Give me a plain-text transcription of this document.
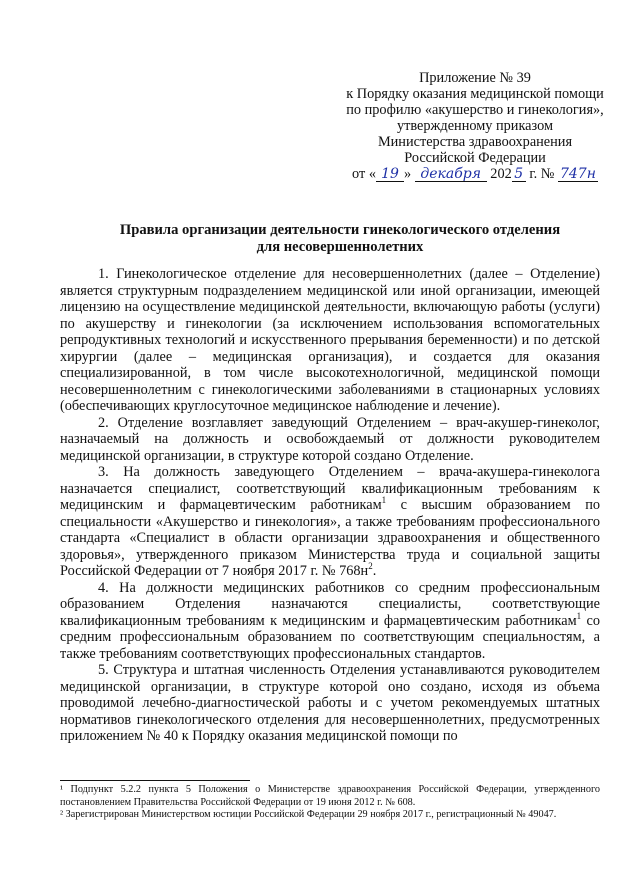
Приложение № 39
к Порядку оказания медицинской помощи
по профилю «акушерство и гинекология»,
утвержденному приказом
Министерства здравоохранения
Российской Федерации
от « 19 » декабря 202 5 г. № 747н
Правила организации деятельности гинекологического отделения
для несовершеннолетних

1. Гинекологическое отделение для несовершеннолетних (далее – Отделение) является структурным подразделением медицинской или иной организации, имеющей лицензию на осуществление медицинской деятельности, включающую работы (услуги) по акушерству и гинекологии (за исключением использования вспомогательных репродуктивных технологий и искусственного прерывания беременности) и по детской хирургии (далее – медицинская организация), и создается для оказания специализированной, в том числе высокотехнологичной, медицинской помощи несовершеннолетним с гинекологическими заболеваниями в стационарных условиях (обеспечивающих круглосуточное медицинское наблюдение и лечение).

2. Отделение возглавляет заведующий Отделением – врач-акушер-гинеколог, назначаемый на должность и освобождаемый от должности руководителем медицинской организации, в структуре которой создано Отделение.

3. На должность заведующего Отделением – врача-акушера-гинеколога назначается специалист, соответствующий квалификационным требованиям к медицинским и фармацевтическим работникам$^1$ с высшим образованием по специальности «Акушерство и гинекология», а также требованиям профессионального стандарта «Специалист в области организации здравоохранения и общественного здоровья», утвержденного приказом Министерства труда и социальной защиты Российской Федерации от 7 ноября 2017 г. № $768н^2$.

4. На должности медицинских работников со средним профессиональным образованием Отделения назначаются специалисты, соответствующие квалификационным требованиям к медицинским и фармацевтическим работникам$^1$ со средним профессиональным образованием по соответствующим специальностям, а также требованиям соответствующих профессиональных стандартов.

5. Структура и штатная численность Отделения устанавливаются руководителем медицинской организации, в структуре которой оно создано, исходя из объема проводимой лечебно-диагностической работы и с учетом рекомендуемых штатных нормативов гинекологического отделения для несовершеннолетних, предусмотренных приложением № 40 к Порядку оказания медицинской помощи по

¹ Подпункт 5.2.2 пункта 5 Положения о Министерстве здравоохранения Российской Федерации, утвержденного постановлением Правительства Российской Федерации от 19 июня 2012 г. № 608.

² Зарегистрирован Министерством юстиции Российской Федерации 29 ноября 2017 г., регистрационный № 49047.
